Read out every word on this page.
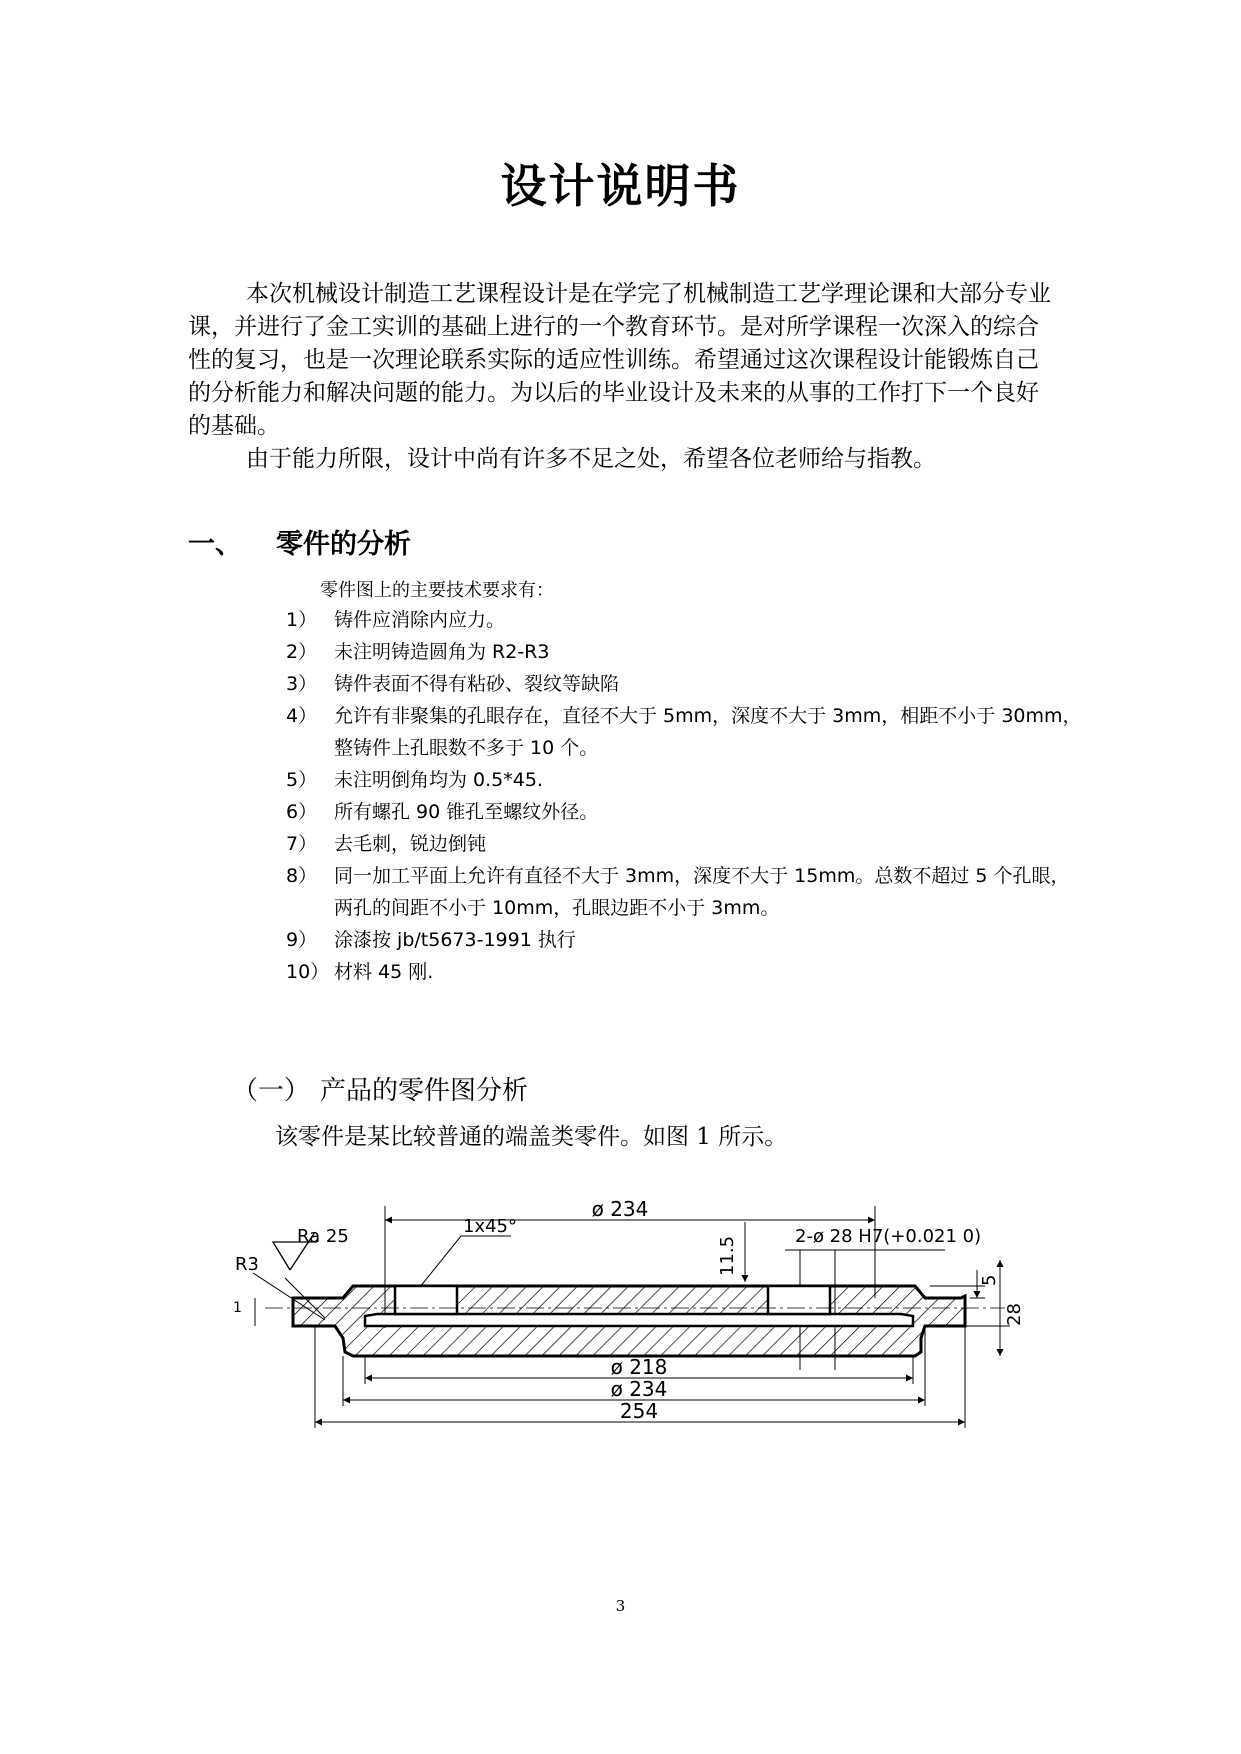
设计说明书

本次机械设计制造工艺课程设计是在学完了机械制造工艺学理论课和大部分专业课，并进行了金工实训的基础上进行的一个教育环节。是对所学课程一次深入的综合性的复习，也是一次理论联系实际的适应性训练。希望通过这次课程设计能锻炼自己的分析能力和解决问题的能力。为以后的毕业设计及未来的从事的工作打下一个良好的基础。

由于能力所限，设计中尚有许多不足之处，希望各位老师给与指教。

一、 零件的分析
零件图上的主要技术要求有：
1） 铸件应消除内应力。
2） 未注明铸造圆角为 R2-R3
3） 铸件表面不得有粘砂、裂纹等缺陷
4） 允许有非聚集的孔眼存在，直径不大于 5mm，深度不大于 3mm，相距不小于 30mm，整铸件上孔眼数不多于 10 个。
5） 未注明倒角均为 0.5*45.
6） 所有螺孔 90 锥孔至螺纹外径。
7） 去毛刺，锐边倒钝
8） 同一加工平面上允许有直径不大于 3mm，深度不大于 15mm。总数不超过 5 个孔眼，两孔的间距不小于 10mm，孔眼边距不小于 3mm。
9） 涂漆按 jb/t5673-1991 执行
10） 材料 45 刚.
（一） 产品的零件图分析
该零件是某比较普通的端盖类零件。如图 1 所示。
ø 234
Ra 25
R3
1x45°	2-ø 28 H7(+0.021 0)
11.5
5
28
1
ø 218
ø 234
254
3
